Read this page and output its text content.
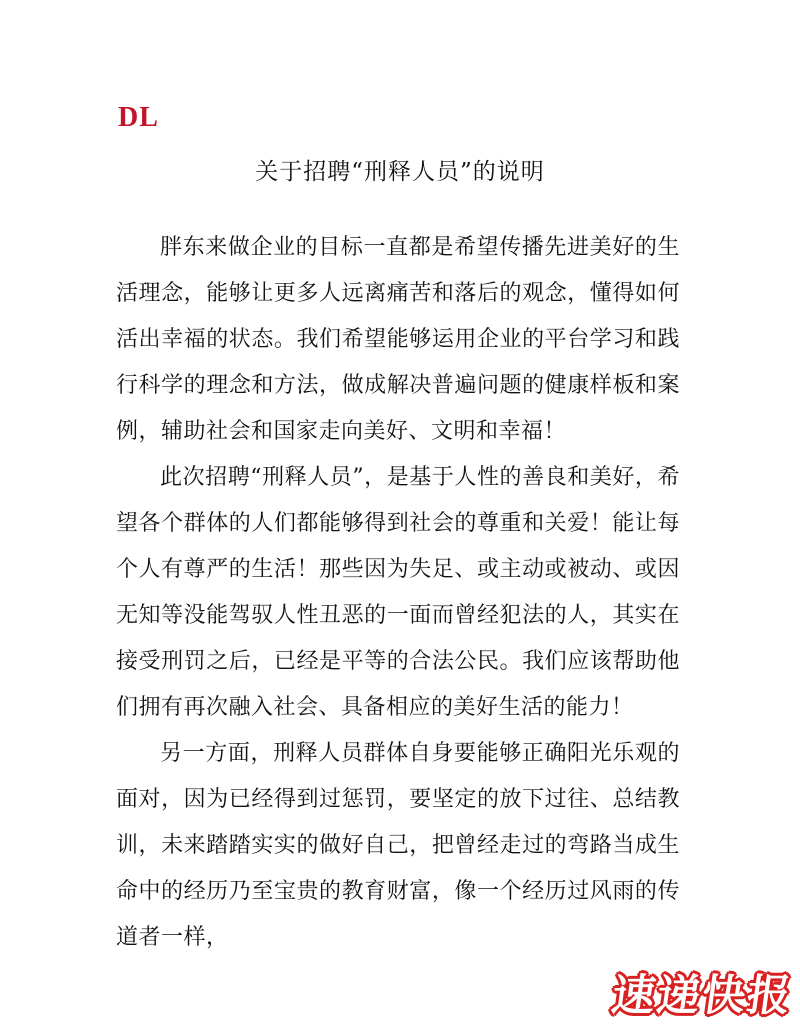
DL
关于招聘“刑释人员”的说明

胖东来做企业的目标一直都是希望传播先进美好的生活理念，能够让更多人远离痛苦和落后的观念，懂得如何活出幸福的状态。我们希望能够运用企业的平台学习和践行科学的理念和方法，做成解决普遍问题的健康样板和案例，辅助社会和国家走向美好、文明和幸福！

此次招聘“刑释人员”，是基于人性的善良和美好，希望各个群体的人们都能够得到社会的尊重和关爱！能让每个人有尊严的生活！那些因为失足、或主动或被动、或因无知等没能驾驭人性丑恶的一面而曾经犯法的人，其实在接受刑罚之后，已经是平等的合法公民。我们应该帮助他们拥有再次融入社会、具备相应的美好生活的能力！

另一方面，刑释人员群体自身要能够正确阳光乐观的面对，因为已经得到过惩罚，要坚定的放下过往、总结教训，未来踏踏实实的做好自己，把曾经走过的弯路当成生命中的经历乃至宝贵的教育财富，像一个经历过风雨的传道者一样，

速递快报
